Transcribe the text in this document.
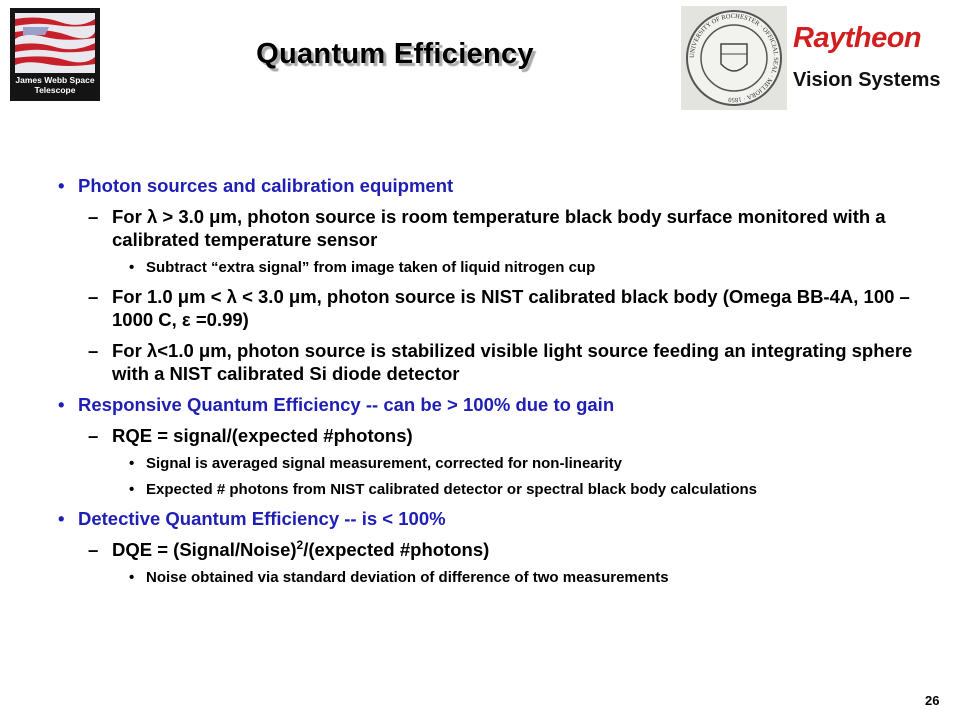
James Webb Space Telescope
Quantum Efficiency	UNIVERSITY OF ROCHESTER · OFFICIAL SEAL · MELIORA · 1850
Raytheon
Vision Systems
• Photon sources and calibration equipment
– For λ > 3.0 μm, photon source is room temperature black body surface monitored with a calibrated temperature sensor
• Subtract “extra signal” from image taken of liquid nitrogen cup
– For 1.0 μm < λ < 3.0 μm, photon source is NIST calibrated black body (Omega BB-4A, 100 – 1000 C, ε =0.99)
– For λ<1.0 μm, photon source is stabilized visible light source feeding an integrating sphere with a NIST calibrated Si diode detector
• Responsive Quantum Efficiency -- can be > 100% due to gain
– RQE = signal/(expected #photons)
• Signal is averaged signal measurement, corrected for non-linearity
• Expected # photons from NIST calibrated detector or spectral black body calculations
• Detective Quantum Efficiency -- is < 100%
– DQE = (Signal/Noise)$^2$/(expected #photons)
• Noise obtained via standard deviation of difference of two measurements
26
